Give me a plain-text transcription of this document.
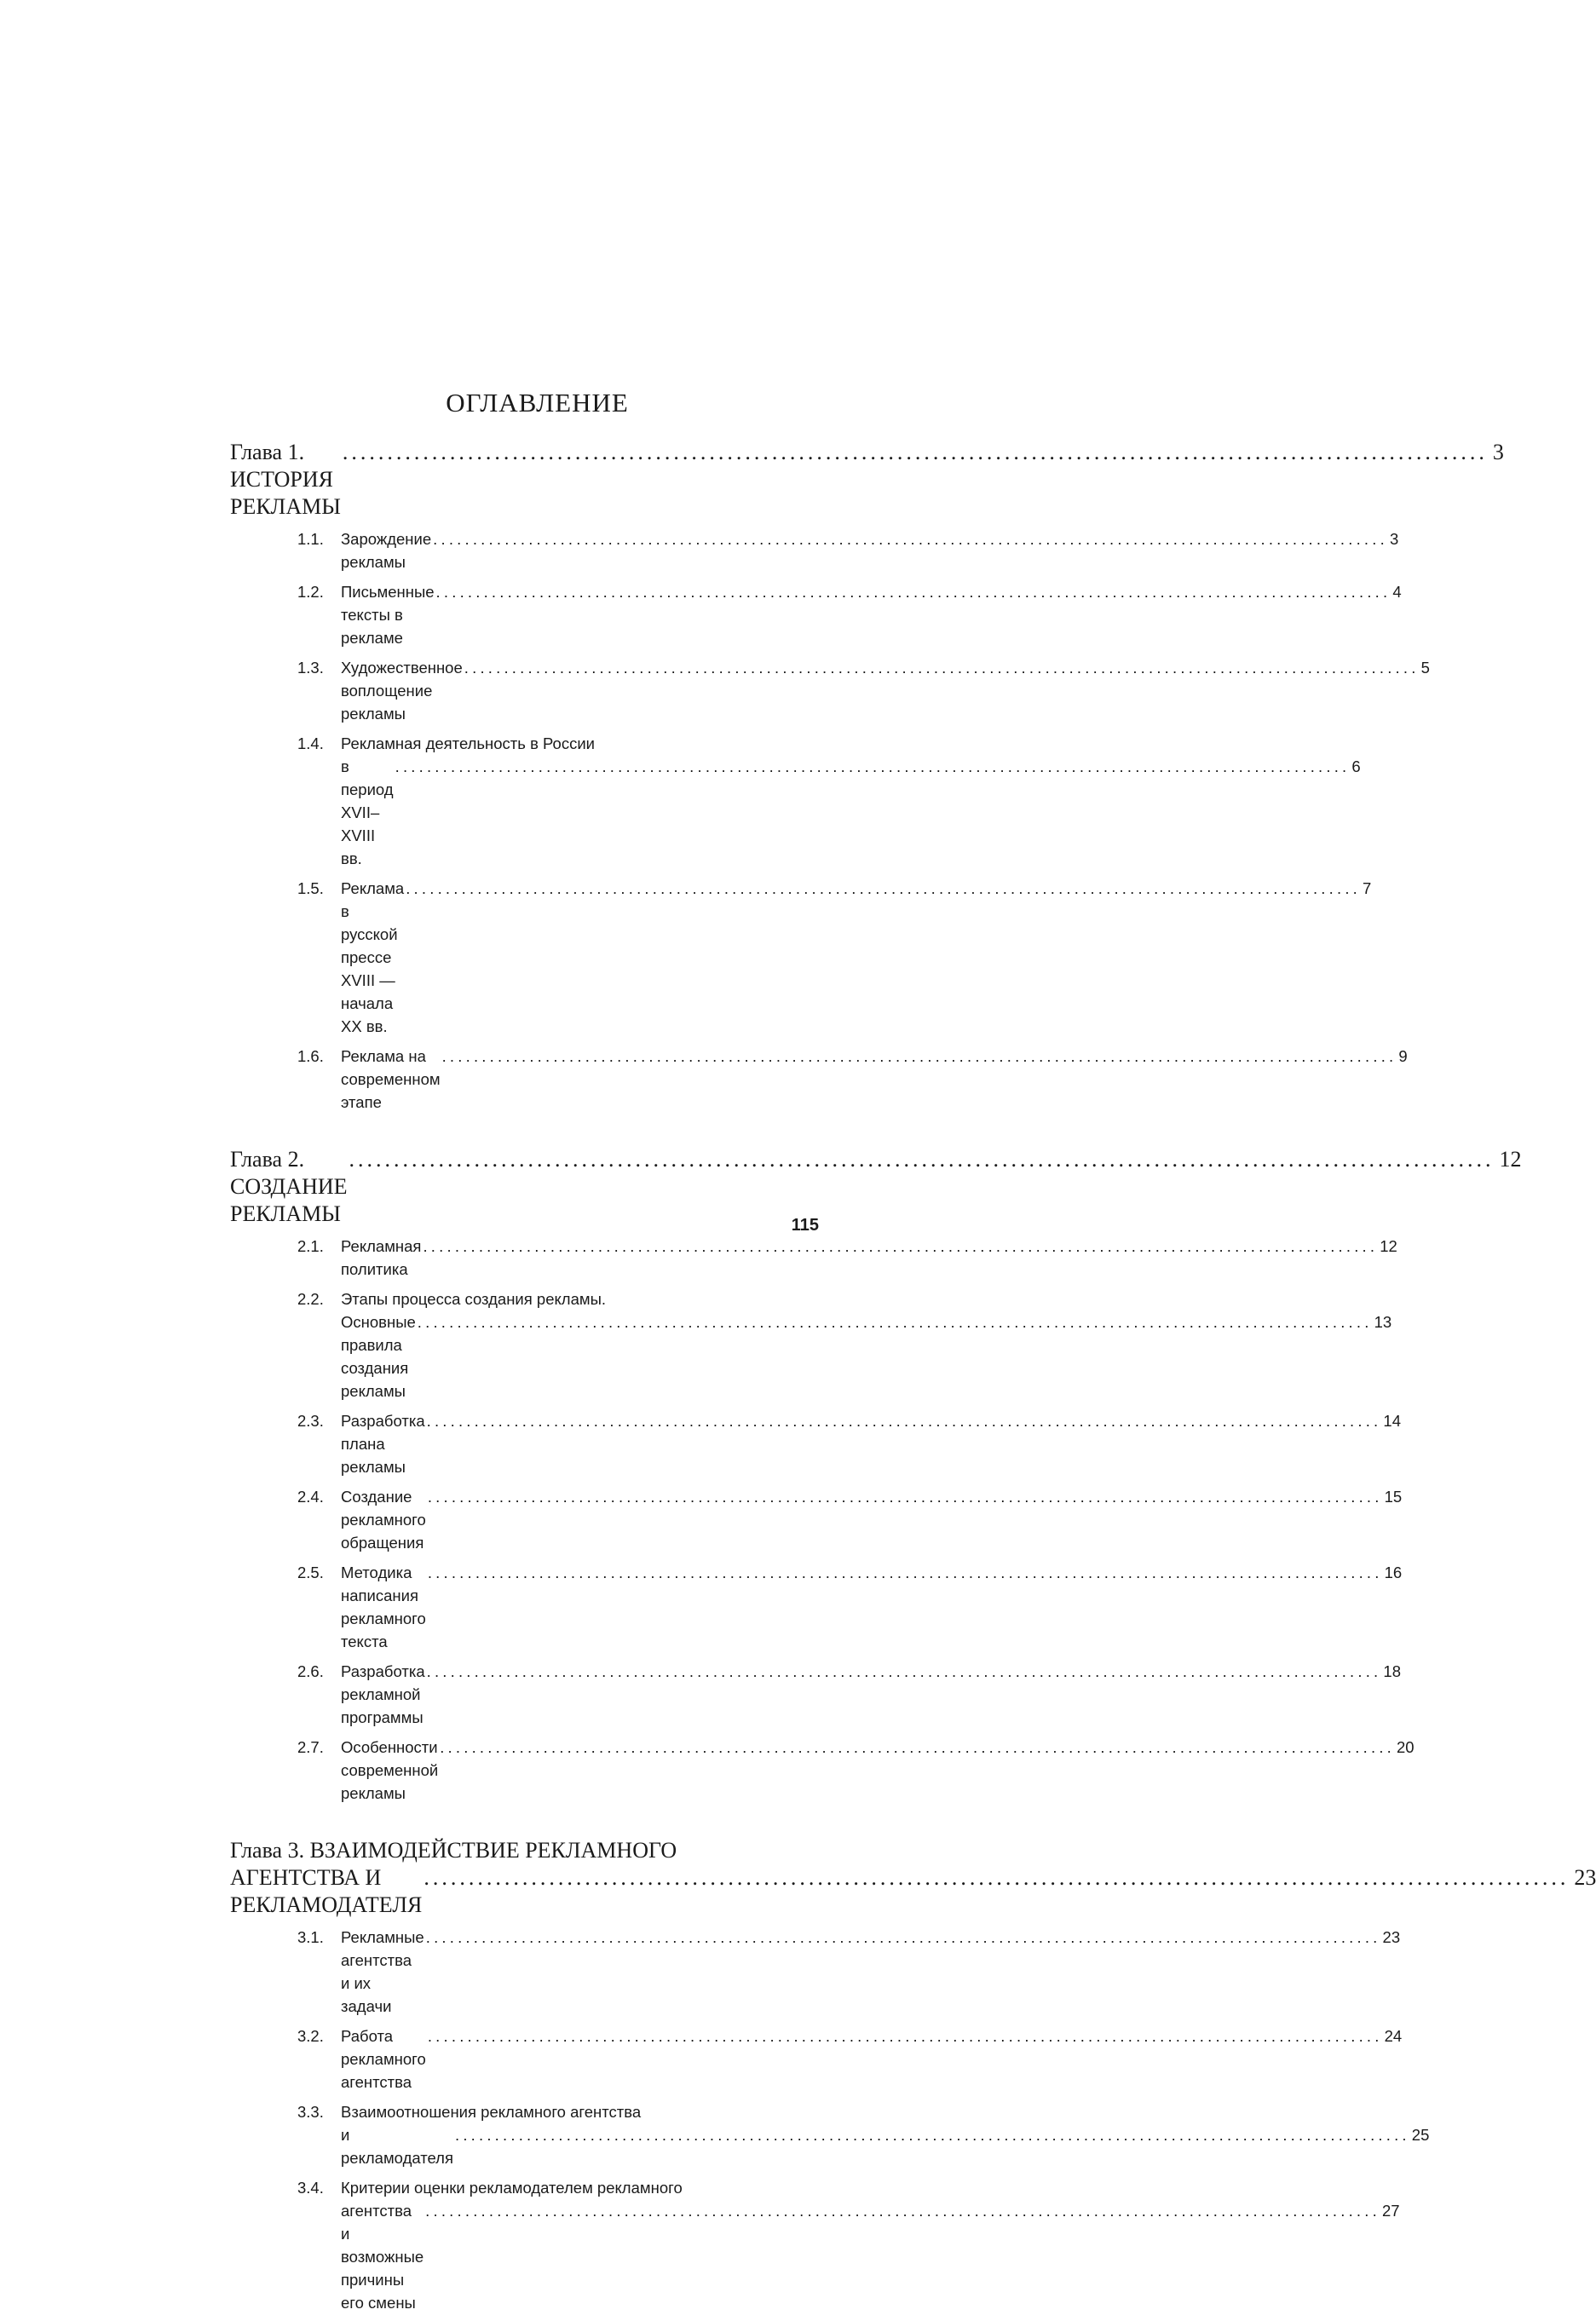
ОГЛАВЛЕНИЕ
Глава 1. ИСТОРИЯ РЕКЛАМЫ
.....
3
1.1.	Зарождение рекламы
.....
3
1.2.	Письменные тексты в рекламе
.....
4
1.3.	Художественное воплощение рекламы
.....
5
1.4.	Рекламная деятельность в России
в период XVII–XVIII вв.
.....
6
1.5.	Реклама в русской прессе XVIII — начала XX вв.
.....
7
1.6.	Реклама на современном этапе
.....
9
Глава 2. СОЗДАНИЕ РЕКЛАМЫ
.....
12
2.1.	Рекламная политика
.....
12
2.2.	Этапы процесса создания рекламы.
Основные правила создания рекламы
.....
13
2.3.	Разработка плана рекламы
.....
14
2.4.	Создание рекламного обращения
.....
15
2.5.	Методика написания рекламного текста
.....
16
2.6.	Разработка рекламной программы
.....
18
2.7.	Особенности современной рекламы
.....
20
Глава 3. ВЗАИМОДЕЙСТВИЕ РЕКЛАМНОГО
АГЕНТСТВА И РЕКЛАМОДАТЕЛЯ
.....
23
3.1.	Рекламные агентства и их задачи
.....
23
3.2.	Работа рекламного агентства
.....
24
3.3.	Взаимоотношения рекламного агентства
и рекламодателя
.....
25
3.4.	Критерии оценки рекламодателем рекламного
агентства и возможные причины его смены
.....
27
115
